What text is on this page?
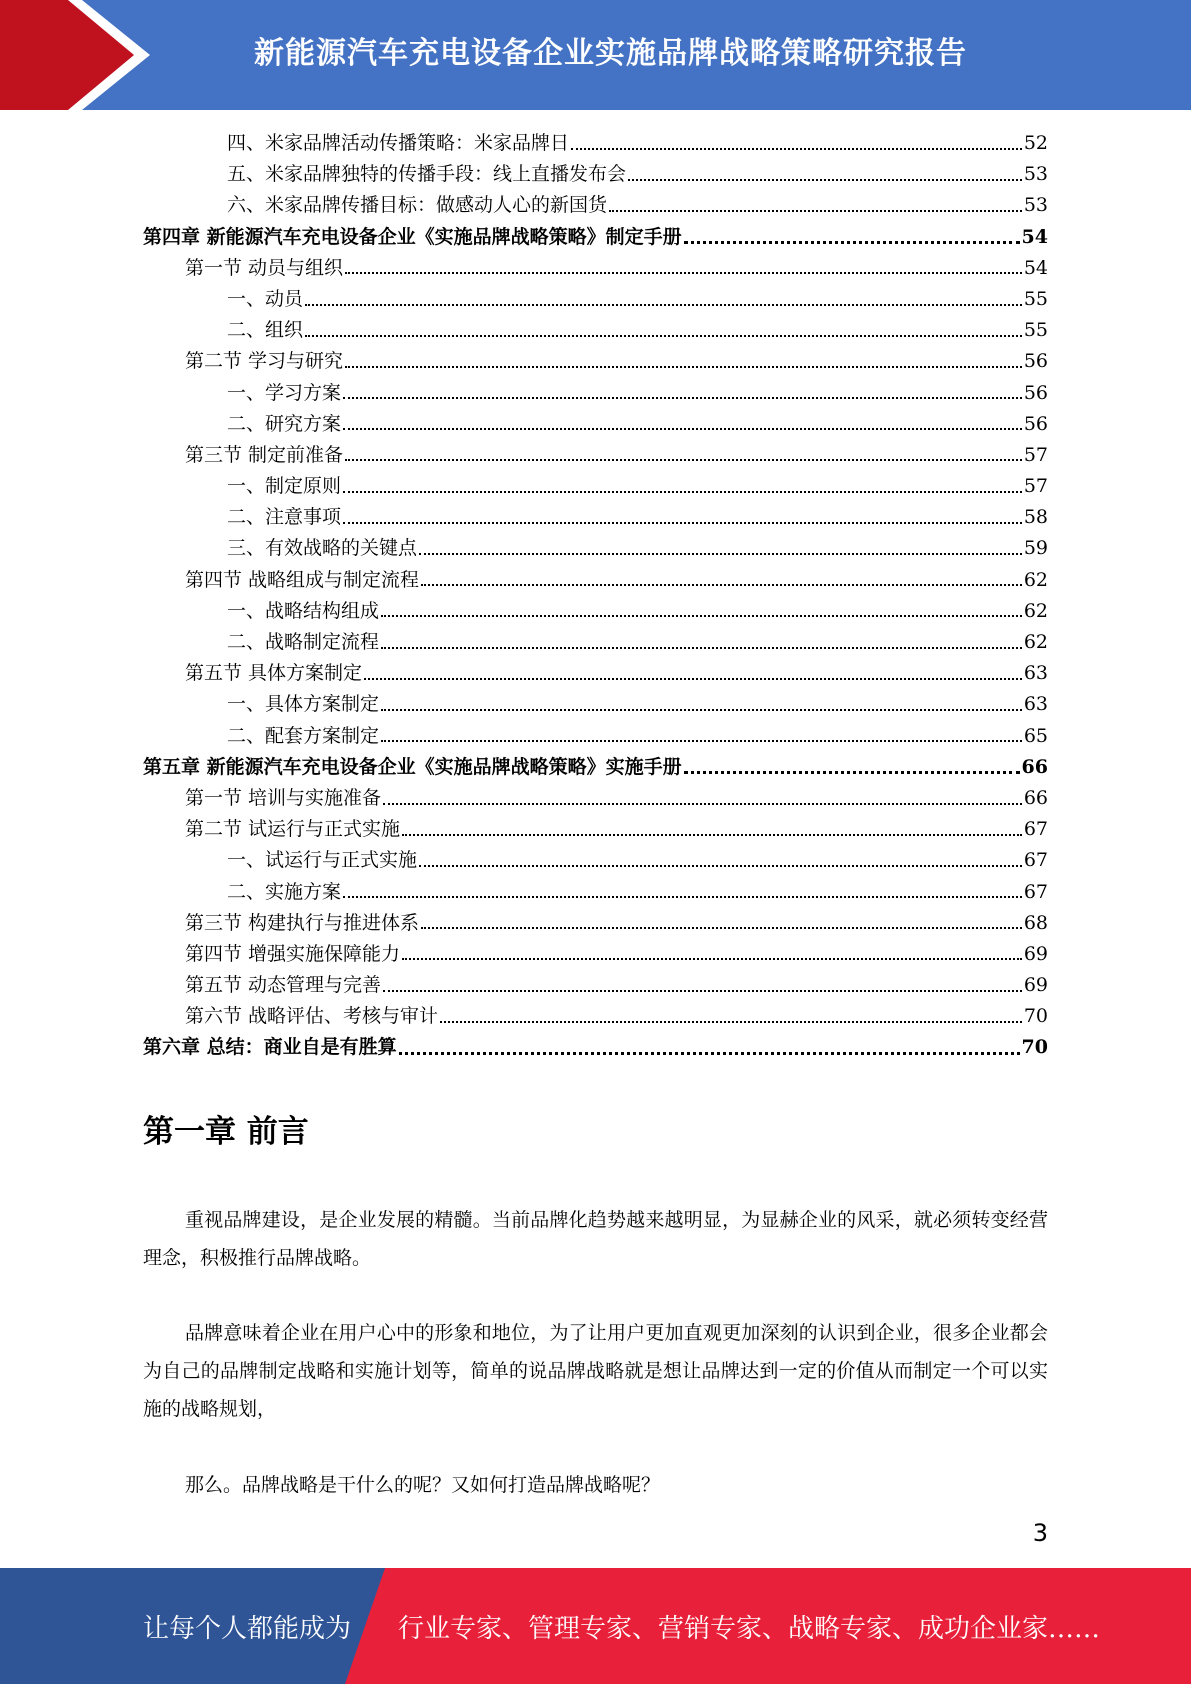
新能源汽车充电设备企业实施品牌战略策略研究报告
四、米家品牌活动传播策略：米家品牌日	52
五、米家品牌独特的传播手段：线上直播发布会	53
六、米家品牌传播目标：做感动人心的新国货	53
第四章 新能源汽车充电设备企业《实施品牌战略策略》制定手册	54
第一节 动员与组织	54
一、动员	55
二、组织	55
第二节 学习与研究	56
一、学习方案	56
二、研究方案	56
第三节 制定前准备	57
一、制定原则	57
二、注意事项	58
三、有效战略的关键点	59
第四节 战略组成与制定流程	62
一、战略结构组成	62
二、战略制定流程	62
第五节 具体方案制定	63
一、具体方案制定	63
二、配套方案制定	65
第五章 新能源汽车充电设备企业《实施品牌战略策略》实施手册	66
第一节 培训与实施准备	66
第二节 试运行与正式实施	67
一、试运行与正式实施	67
二、实施方案	67
第三节 构建执行与推进体系	68
第四节 增强实施保障能力	69
第五节 动态管理与完善	69
第六节 战略评估、考核与审计	70
第六章 总结：商业自是有胜算	70
第一章 前言

重视品牌建设，是企业发展的精髓。当前品牌化趋势越来越明显，为显赫企业的风采，就必须转变经营理念，积极推行品牌战略。

品牌意味着企业在用户心中的形象和地位，为了让用户更加直观更加深刻的认识到企业，很多企业都会为自己的品牌制定战略和实施计划等，简单的说品牌战略就是想让品牌达到一定的价值从而制定一个可以实施的战略规划，

那么。品牌战略是干什么的呢？又如何打造品牌战略呢？

3
让每个人都能成为 行业专家、管理专家、营销专家、战略专家、成功企业家……
